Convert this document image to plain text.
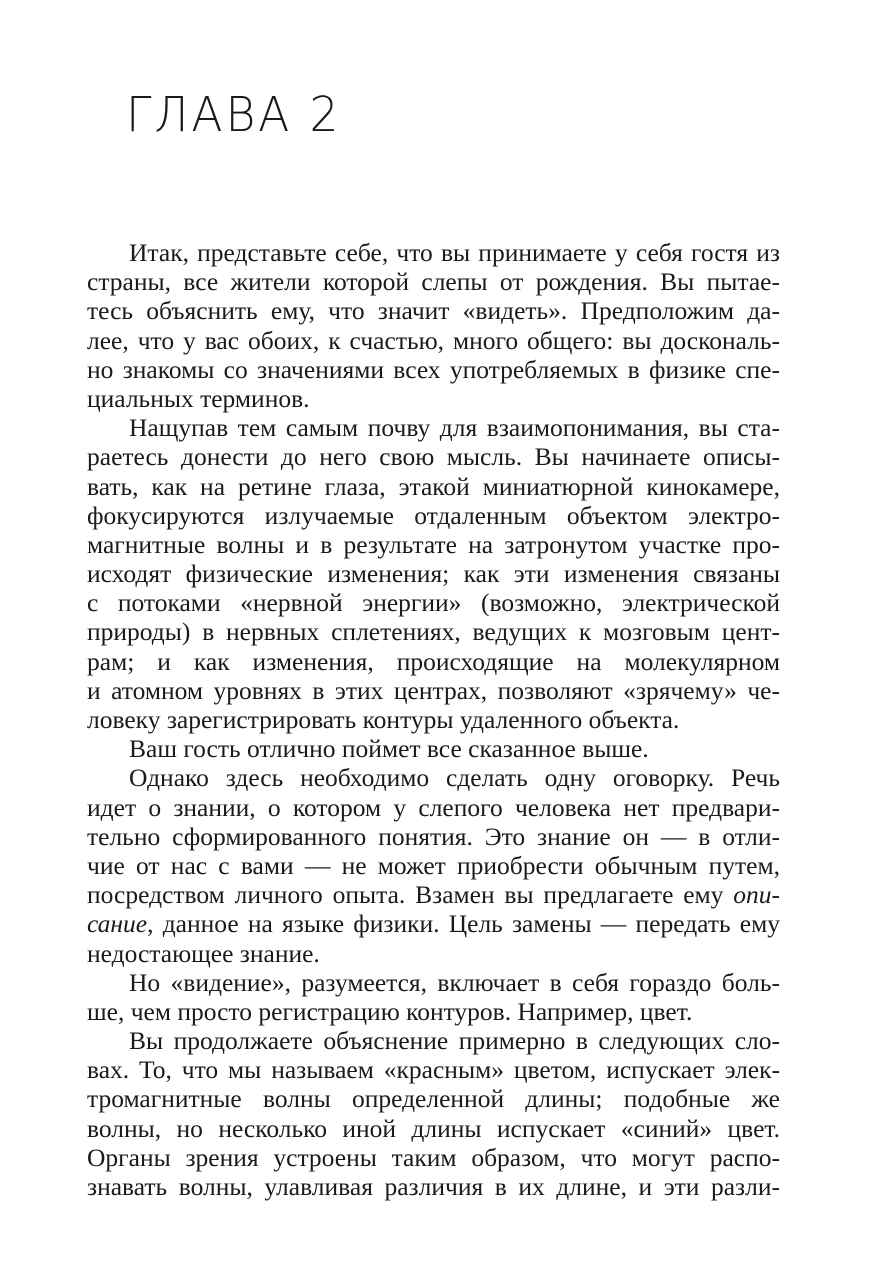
ГЛАВА 2
Итак, представьте себе, что вы принимаете у себя гостя из
страны, все жители которой слепы от рождения. Вы пытае-
тесь объяснить ему, что значит «видеть». Предположим да-
лее, что у вас обоих, к счастью, много общего: вы доскональ-
но знакомы со значениями всех употребляемых в физике спе-
циальных терминов.
Нащупав тем самым почву для взаимопонимания, вы ста-
раетесь донести до него свою мысль. Вы начинаете описы-
вать, как на ретине глаза, этакой миниатюрной кинокамере,
фокусируются излучаемые отдаленным объектом электро-
магнитные волны и в результате на затронутом участке про-
исходят физические изменения; как эти изменения связаны
с потоками «нервной энергии» (возможно, электрической
природы) в нервных сплетениях, ведущих к мозговым цент-
рам; и как изменения, происходящие на молекулярном
и атомном уровнях в этих центрах, позволяют «зрячему» че-
ловеку зарегистрировать контуры удаленного объекта.
Ваш гость отлично поймет все сказанное выше.
Однако здесь необходимо сделать одну оговорку. Речь
идет о знании, о котором у слепого человека нет предвари-
тельно сформированного понятия. Это знание он — в отли-
чие от нас с вами — не может приобрести обычным путем,
посредством личного опыта. Взамен вы предлагаете ему опи-
сание, данное на языке физики. Цель замены — передать ему
недостающее знание.
Но «видение», разумеется, включает в себя гораздо боль-
ше, чем просто регистрацию контуров. Например, цвет.
Вы продолжаете объяснение примерно в следующих сло-
вах. То, что мы называем «красным» цветом, испускает элек-
тромагнитные волны определенной длины; подобные же
волны, но несколько иной длины испускает «синий» цвет.
Органы зрения устроены таким образом, что могут распо-
знавать волны, улавливая различия в их длине, и эти разли-
